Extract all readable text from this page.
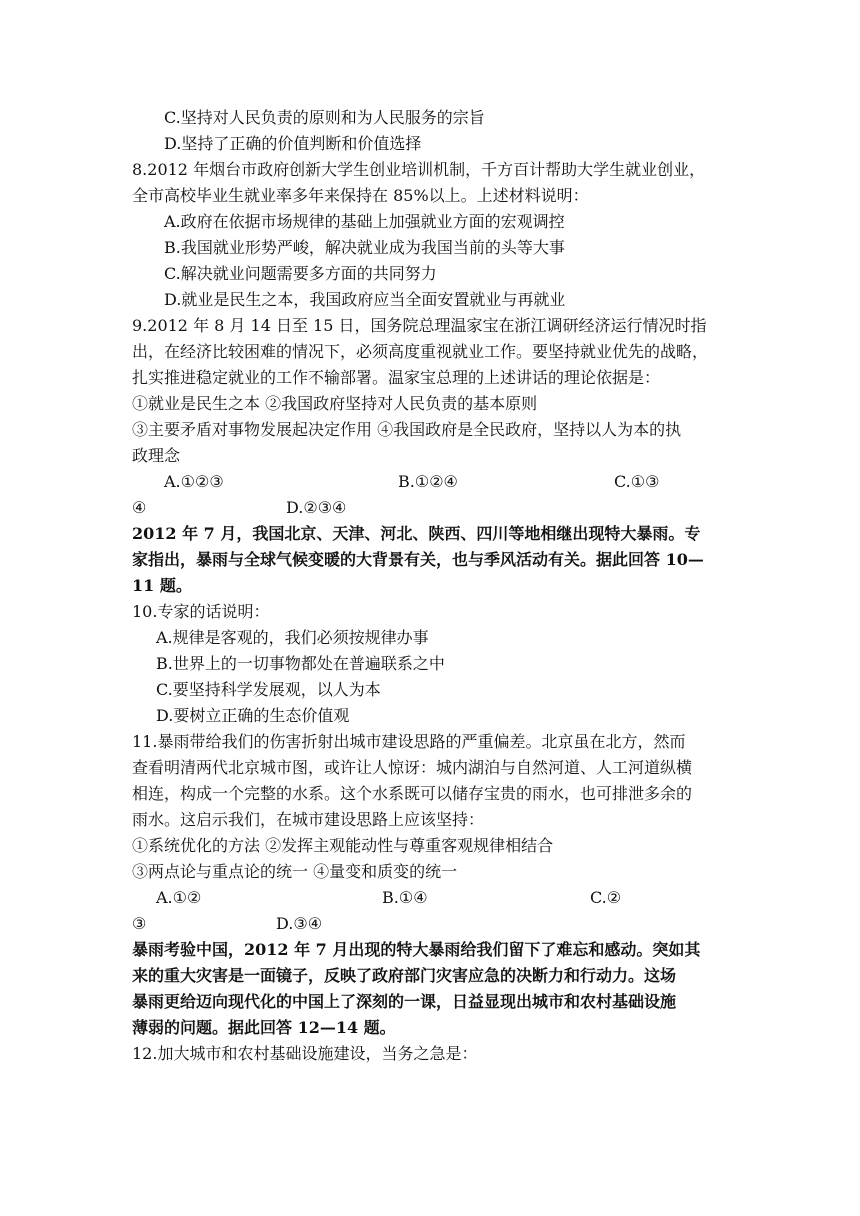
C.坚持对人民负责的原则和为人民服务的宗旨
D.坚持了正确的价值判断和价值选择
8.2012 年烟台市政府创新大学生创业培训机制，千方百计帮助大学生就业创业，
全市高校毕业生就业率多年来保持在 85%以上。上述材料说明：
A.政府在依据市场规律的基础上加强就业方面的宏观调控
B.我国就业形势严峻，解决就业成为我国当前的头等大事
C.解决就业问题需要多方面的共同努力
D.就业是民生之本，我国政府应当全面安置就业与再就业
9.2012 年 8 月 14 日至 15 日，国务院总理温家宝在浙江调研经济运行情况时指
出，在经济比较困难的情况下，必须高度重视就业工作。要坚持就业优先的战略，
扎实推进稳定就业的工作不输部署。温家宝总理的上述讲话的理论依据是：
①就业是民生之本 ②我国政府坚持对人民负责的基本原则
③主要矛盾对事物发展起决定作用 ④我国政府是全民政府，坚持以人为本的执
政理念
A.①②③	B.①②④	C.①③
④	D.②③④
2012 年 7 月，我国北京、天津、河北、陕西、四川等地相继出现特大暴雨。专
家指出，暴雨与全球气候变暖的大背景有关，也与季风活动有关。据此回答 10—
11 题。
10.专家的话说明：
A.规律是客观的，我们必须按规律办事
B.世界上的一切事物都处在普遍联系之中
C.要坚持科学发展观，以人为本
D.要树立正确的生态价值观
11.暴雨带给我们的伤害折射出城市建设思路的严重偏差。北京虽在北方，然而
查看明清两代北京城市图，或许让人惊讶：城内湖泊与自然河道、人工河道纵横
相连，构成一个完整的水系。这个水系既可以储存宝贵的雨水，也可排泄多余的
雨水。这启示我们，在城市建设思路上应该坚持：
①系统优化的方法 ②发挥主观能动性与尊重客观规律相结合
③两点论与重点论的统一 ④量变和质变的统一
A.①②	B.①④	C.②
③	D.③④
暴雨考验中国，2012 年 7 月出现的特大暴雨给我们留下了难忘和感动。突如其
来的重大灾害是一面镜子，反映了政府部门灾害应急的决断力和行动力。这场
暴雨更给迈向现代化的中国上了深刻的一课，日益显现出城市和农村基础设施
薄弱的问题。据此回答 12—14 题。
12.加大城市和农村基础设施建设，当务之急是：
